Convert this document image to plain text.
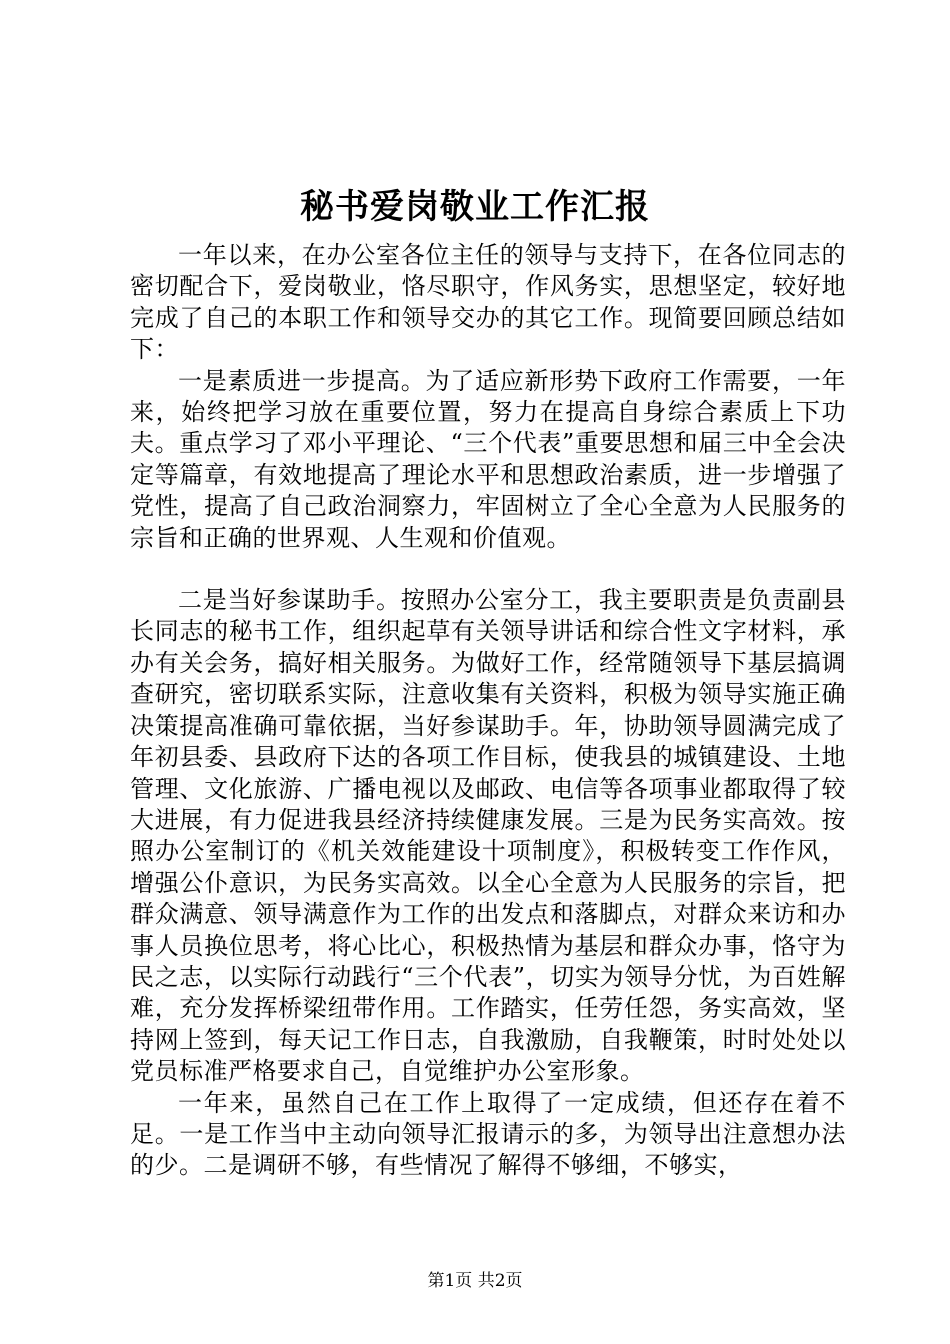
秘书爱岗敬业工作汇报

一年以来，在办公室各位主任的领导与支持下，在各位同志的密切配合下，爱岗敬业，恪尽职守，作风务实，思想坚定，较好地完成了自己的本职工作和领导交办的其它工作。现简要回顾总结如下：

一是素质进一步提高。为了适应新形势下政府工作需要，一年来，始终把学习放在重要位置，努力在提高自身综合素质上下功夫。重点学习了邓小平理论、“三个代表”重要思想和届三中全会决定等篇章，有效地提高了理论水平和思想政治素质，进一步增强了党性，提高了自己政治洞察力，牢固树立了全心全意为人民服务的宗旨和正确的世界观、人生观和价值观。

二是当好参谋助手。按照办公室分工，我主要职责是负责副县长同志的秘书工作，组织起草有关领导讲话和综合性文字材料，承办有关会务，搞好相关服务。为做好工作，经常随领导下基层搞调查研究，密切联系实际，注意收集有关资料，积极为领导实施正确决策提高准确可靠依据，当好参谋助手。年，协助领导圆满完成了年初县委、县政府下达的各项工作目标，使我县的城镇建设、土地管理、文化旅游、广播电视以及邮政、电信等各项事业都取得了较大进展，有力促进我县经济持续健康发展。三是为民务实高效。按照办公室制订的《机关效能建设十项制度》，积极转变工作作风，增强公仆意识，为民务实高效。以全心全意为人民服务的宗旨，把群众满意、领导满意作为工作的出发点和落脚点，对群众来访和办事人员换位思考，将心比心，积极热情为基层和群众办事，恪守为民之志，以实际行动践行“三个代表”，切实为领导分忧，为百姓解难，充分发挥桥梁纽带作用。工作踏实，任劳任怨，务实高效，坚持网上签到，每天记工作日志，自我激励，自我鞭策，时时处处以党员标准严格要求自己，自觉维护办公室形象。

一年来，虽然自己在工作上取得了一定成绩，但还存在着不足。一是工作当中主动向领导汇报请示的多，为领导出注意想办法的少。二是调研不够，有些情况了解得不够细，不够实，

第1页 共2页
